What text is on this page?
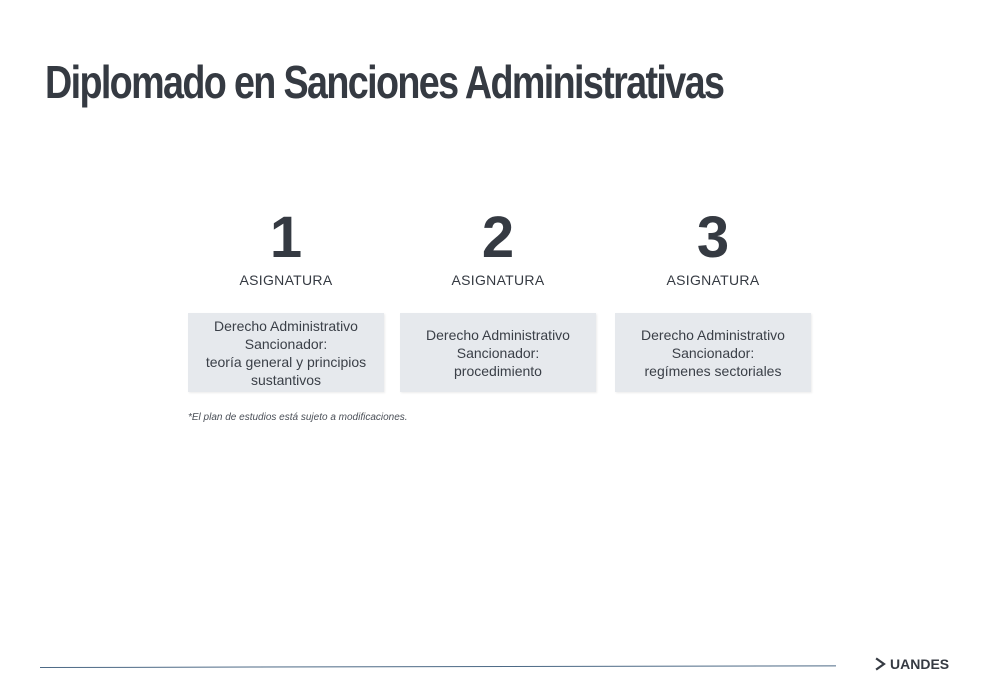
Diplomado en Sanciones Administrativas
1
ASIGNATURA
Derecho Administrativo
Sancionador:
teoría general y principios
sustantivos
2
ASIGNATURA
Derecho Administrativo
Sancionador:
procedimiento
3
ASIGNATURA
Derecho Administrativo
Sancionador:
regímenes sectoriales
*El plan de estudios está sujeto a modificaciones.
UANDES
